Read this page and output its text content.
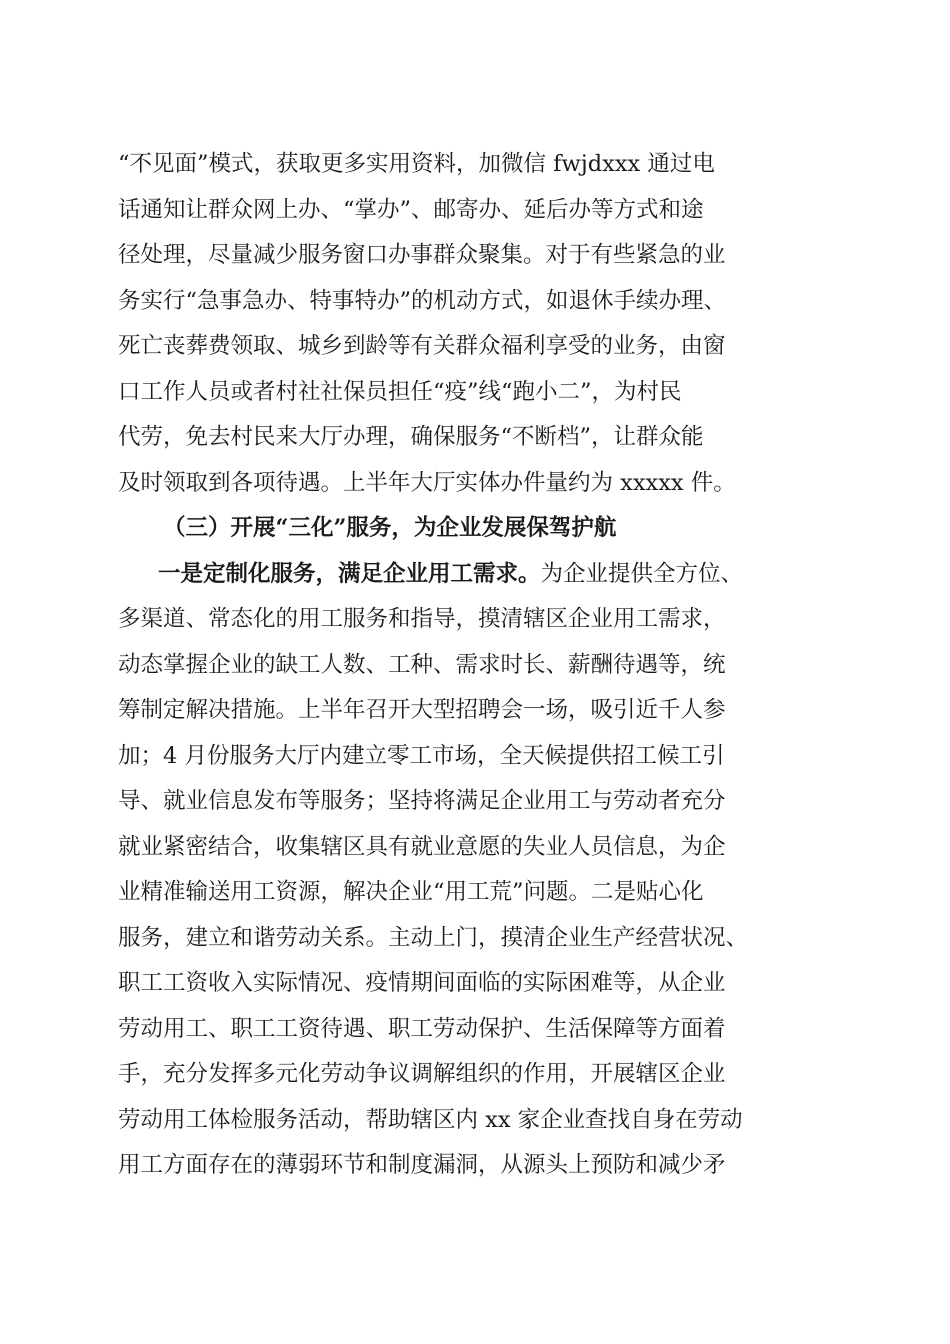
“不见面”模式，获取更多实用资料，加微信 fwjdxxx 通过电
话通知让群众网上办、“掌办”、邮寄办、延后办等方式和途
径处理，尽量减少服务窗口办事群众聚集。对于有些紧急的业
务实行“急事急办、特事特办”的机动方式，如退休手续办理、
死亡丧葬费领取、城乡到龄等有关群众福利享受的业务，由窗
口工作人员或者村社社保员担任“疫”线“跑小二”，为村民
代劳，免去村民来大厅办理，确保服务“不断档”，让群众能
及时领取到各项待遇。上半年大厅实体办件量约为 xxxxx 件。
（三）开展“三化”服务，为企业发展保驾护航
一是定制化服务，满足企业用工需求。为企业提供全方位、
多渠道、常态化的用工服务和指导，摸清辖区企业用工需求，
动态掌握企业的缺工人数、工种、需求时长、薪酬待遇等，统
筹制定解决措施。上半年召开大型招聘会一场，吸引近千人参
加；4 月份服务大厅内建立零工市场，全天候提供招工候工引
导、就业信息发布等服务；坚持将满足企业用工与劳动者充分
就业紧密结合，收集辖区具有就业意愿的失业人员信息，为企
业精准输送用工资源，解决企业“用工荒”问题。二是贴心化
服务，建立和谐劳动关系。主动上门，摸清企业生产经营状况、
职工工资收入实际情况、疫情期间面临的实际困难等，从企业
劳动用工、职工工资待遇、职工劳动保护、生活保障等方面着
手，充分发挥多元化劳动争议调解组织的作用，开展辖区企业
劳动用工体检服务活动，帮助辖区内 xx 家企业查找自身在劳动
用工方面存在的薄弱环节和制度漏洞，从源头上预防和减少矛
